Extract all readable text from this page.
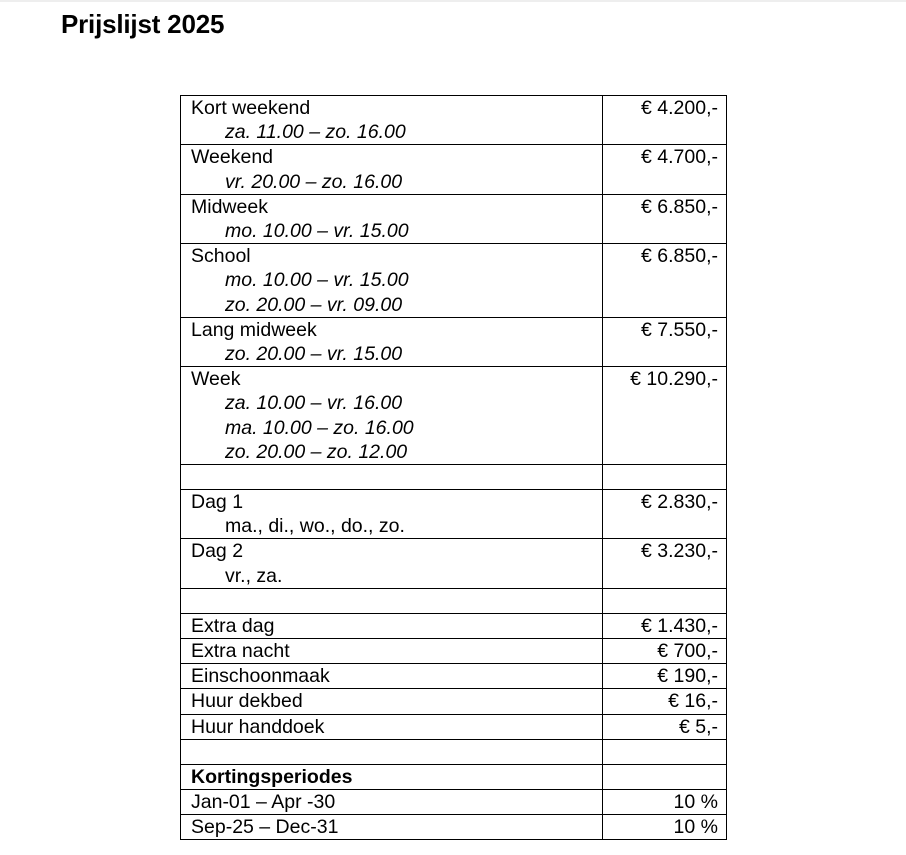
Prijslijst 2025
Kort weekend
za. 11.00 – zo. 16.00	€ 4.200,-
Weekend
vr. 20.00 – zo. 16.00	€ 4.700,-
Midweek
mo. 10.00 – vr. 15.00	€ 6.850,-
School
mo. 10.00 – vr. 15.00
zo. 20.00 – vr. 09.00	€ 6.850,-
Lang midweek
zo. 20.00 – vr. 15.00	€ 7.550,-
Week
za. 10.00 – vr. 16.00
ma. 10.00 – zo. 16.00
zo. 20.00 – zo. 12.00	€ 10.290,-

Dag 1
ma., di., wo., do., zo.	€ 2.830,-
Dag 2
vr., za.	€ 3.230,-

Extra dag	€ 1.430,-
Extra nacht	€ 700,-
Einschoonmaak	€ 190,-
Huur dekbed	€ 16,-
Huur handdoek	€ 5,-

Kortingsperiodes	
Jan-01 – Apr -30	10 %
Sep-25 – Dec-31	10 %
